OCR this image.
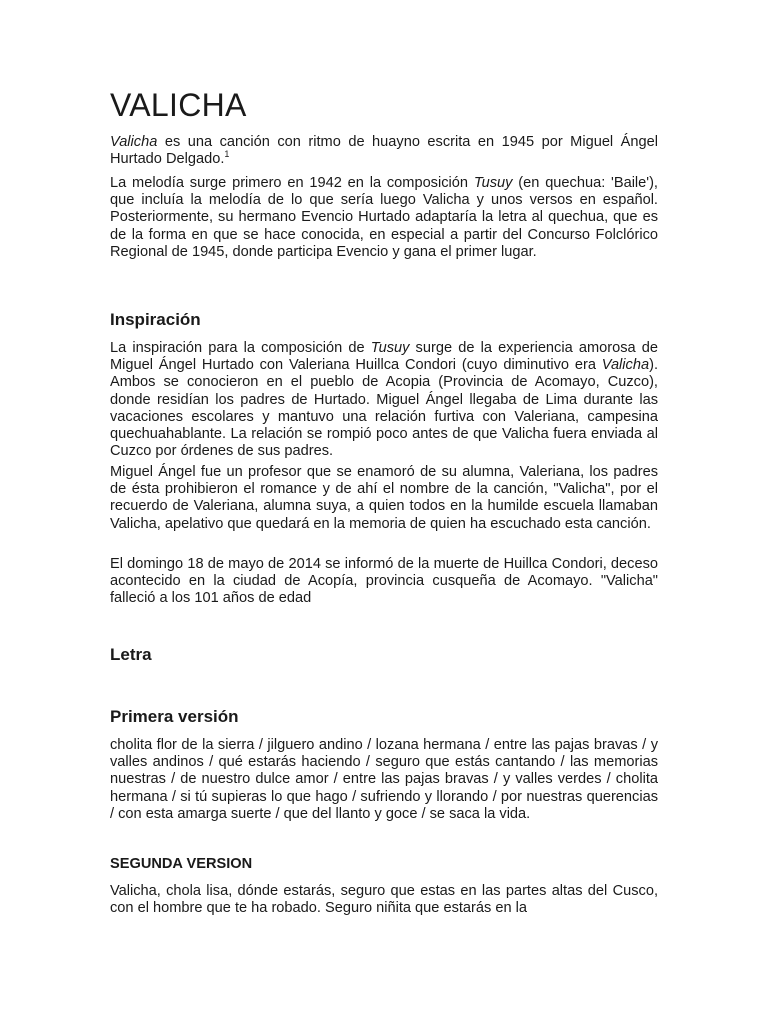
VALICHA

Valicha es una canción con ritmo de huayno escrita en 1945 por Miguel Ángel Hurtado Delgado.$^1$

La melodía surge primero en 1942 en la composición Tusuy (en quechua: 'Baile'), que incluía la melodía de lo que sería luego Valicha y unos versos en español. Posteriormente, su hermano Evencio Hurtado adaptaría la letra al quechua, que es de la forma en que se hace conocida, en especial a partir del Concurso Folclórico Regional de 1945, donde participa Evencio y gana el primer lugar.

Inspiración

La inspiración para la composición de Tusuy surge de la experiencia amorosa de Miguel Ángel Hurtado con Valeriana Huillca Condori (cuyo diminutivo era Valicha). Ambos se conocieron en el pueblo de Acopia (Provincia de Acomayo, Cuzco), donde residían los padres de Hurtado. Miguel Ángel llegaba de Lima durante las vacaciones escolares y mantuvo una relación furtiva con Valeriana, campesina quechuahablante. La relación se rompió poco antes de que Valicha fuera enviada al Cuzco por órdenes de sus padres.

Miguel Ángel fue un profesor que se enamoró de su alumna, Valeriana, los padres de ésta prohibieron el romance y de ahí el nombre de la canción, "Valicha", por el recuerdo de Valeriana, alumna suya, a quien todos en la humilde escuela llamaban Valicha, apelativo que quedará en la memoria de quien ha escuchado esta canción.

El domingo 18 de mayo de 2014 se informó de la muerte de Huillca Condori, deceso acontecido en la ciudad de Acopía, provincia cusqueña de Acomayo. "Valicha" falleció a los 101 años de edad

Letra
Primera versión

cholita flor de la sierra / jilguero andino / lozana hermana / entre las pajas bravas / y valles andinos / qué estarás haciendo / seguro que estás cantando / las memorias nuestras / de nuestro dulce amor / entre las pajas bravas / y valles verdes / cholita hermana / si tú supieras lo que hago / sufriendo y llorando / por nuestras querencias / con esta amarga suerte / que del llanto y goce / se saca la vida.

SEGUNDA VERSION

Valicha, chola lisa, dónde estarás, seguro que estas en las partes altas del Cusco, con el hombre que te ha robado. Seguro niñita que estarás en la
